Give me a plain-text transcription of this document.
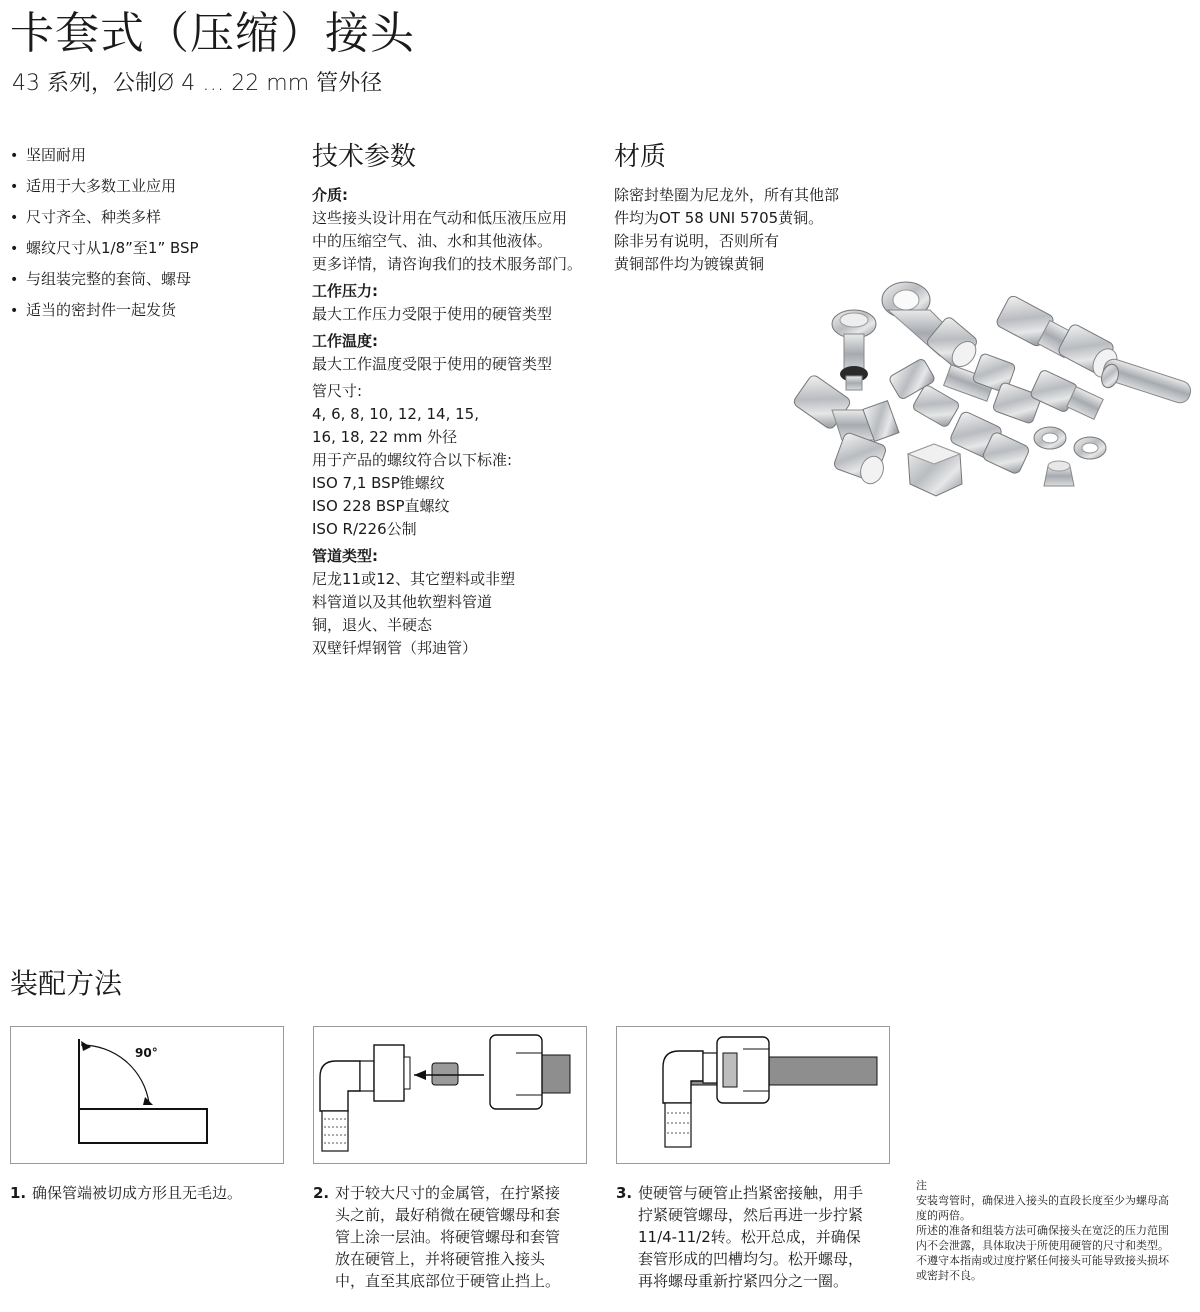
卡套式（压缩）接头
43 系列，公制Ø 4 … 22 mm 管外径
• 坚固耐用
• 适用于大多数工业应用
• 尺寸齐全、种类多样
• 螺纹尺寸从1/8”至1” BSP
• 与组装完整的套筒、螺母
• 适当的密封件一起发货
技术参数
介质:
这些接头设计用在气动和低压液压应用
中的压缩空气、油、水和其他液体。
更多详情，请咨询我们的技术服务部门。
工作压力:
最大工作压力受限于使用的硬管类型
工作温度:
最大工作温度受限于使用的硬管类型
管尺寸:
4, 6, 8, 10, 12, 14, 15,
16, 18, 22 mm 外径
用于产品的螺纹符合以下标准:
ISO 7,1 BSP锥螺纹
ISO 228 BSP直螺纹
ISO R/226公制
管道类型:
尼龙11或12、其它塑料或非塑
料管道以及其他软塑料管道
铜，退火、半硬态
双壁钎焊钢管（邦迪管）
材质
除密封垫圈为尼龙外，所有其他部
件均为OT 58 UNI 5705黄铜。
除非另有说明，否则所有
黄铜部件均为镀镍黄铜
装配方法
90°
1. 确保管端被切成方形且无毛边。	2. 对于较大尺寸的金属管，在拧紧接
头之前，最好稍微在硬管螺母和套
管上涂一层油。将硬管螺母和套管
放在硬管上，并将硬管推入接头
中，直至其底部位于硬管止挡上。
3. 使硬管与硬管止挡紧密接触，用手
拧紧硬管螺母，然后再进一步拧紧
11/4-11/2转。松开总成，并确保
套管形成的凹槽均匀。松开螺母，
再将螺母重新拧紧四分之一圈。
注
安装弯管时，确保进入接头的直段长度至少为螺母高
度的两倍。
所述的准备和组装方法可确保接头在宽泛的压力范围
内不会泄露，具体取决于所使用硬管的尺寸和类型。
不遵守本指南或过度拧紧任何接头可能导致接头损坏
或密封不良。
